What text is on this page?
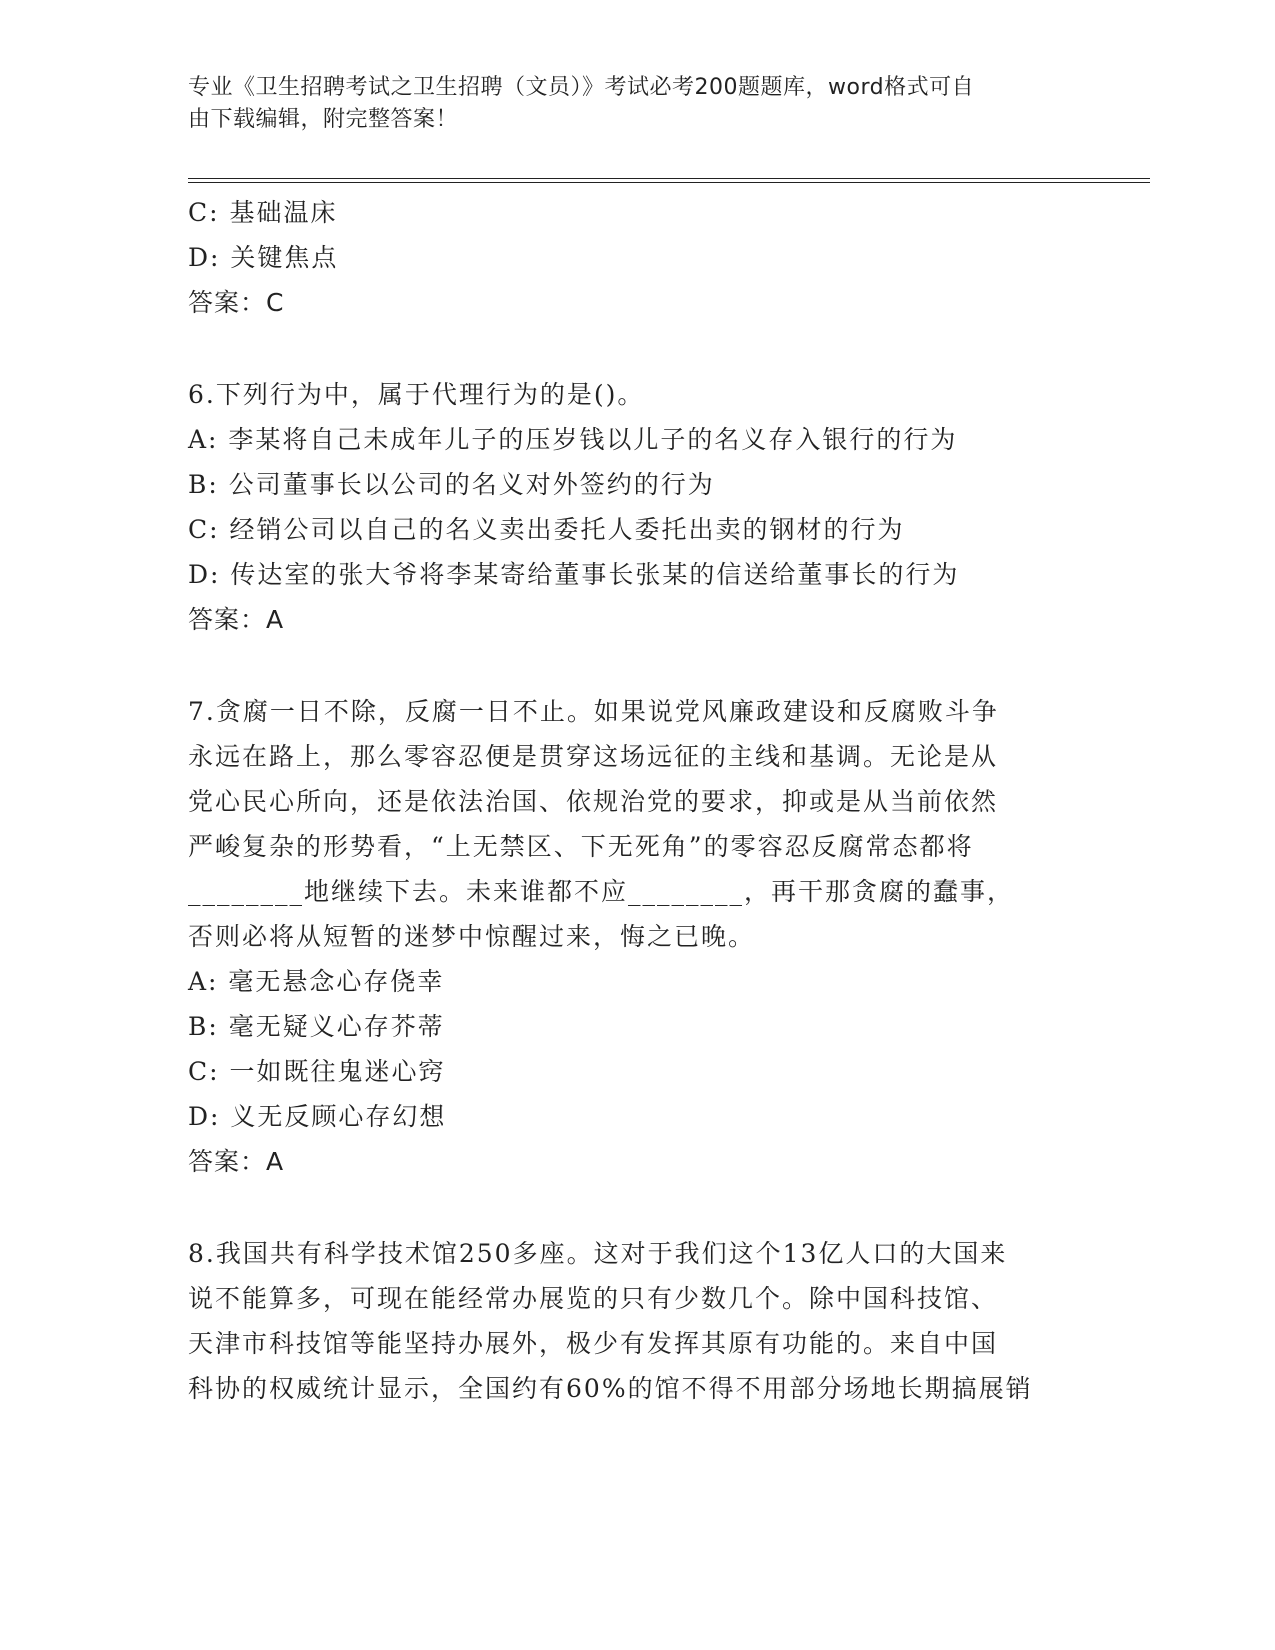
专业《卫生招聘考试之卫生招聘（文员）》考试必考200题题库，word格式可自
由下载编辑，附完整答案！
C: 基础温床
D: 关键焦点
答案：C
6.下列行为中，属于代理行为的是()。
A: 李某将自己未成年儿子的压岁钱以儿子的名义存入银行的行为
B: 公司董事长以公司的名义对外签约的行为
C: 经销公司以自己的名义卖出委托人委托出卖的钢材的行为
D: 传达室的张大爷将李某寄给董事长张某的信送给董事长的行为
答案：A
7.贪腐一日不除，反腐一日不止。如果说党风廉政建设和反腐败斗争
永远在路上，那么零容忍便是贯穿这场远征的主线和基调。无论是从
党心民心所向，还是依法治国、依规治党的要求，抑或是从当前依然
严峻复杂的形势看，“上无禁区、下无死角”的零容忍反腐常态都将
________地继续下去。未来谁都不应________，再干那贪腐的蠢事，
否则必将从短暂的迷梦中惊醒过来，悔之已晚。
A: 毫无悬念心存侥幸
B: 毫无疑义心存芥蒂
C: 一如既往鬼迷心窍
D: 义无反顾心存幻想
答案：A
8.我国共有科学技术馆250多座。这对于我们这个13亿人口的大国来
说不能算多，可现在能经常办展览的只有少数几个。除中国科技馆、
天津市科技馆等能坚持办展外，极少有发挥其原有功能的。来自中国
科协的权威统计显示，全国约有60%的馆不得不用部分场地长期搞展销
